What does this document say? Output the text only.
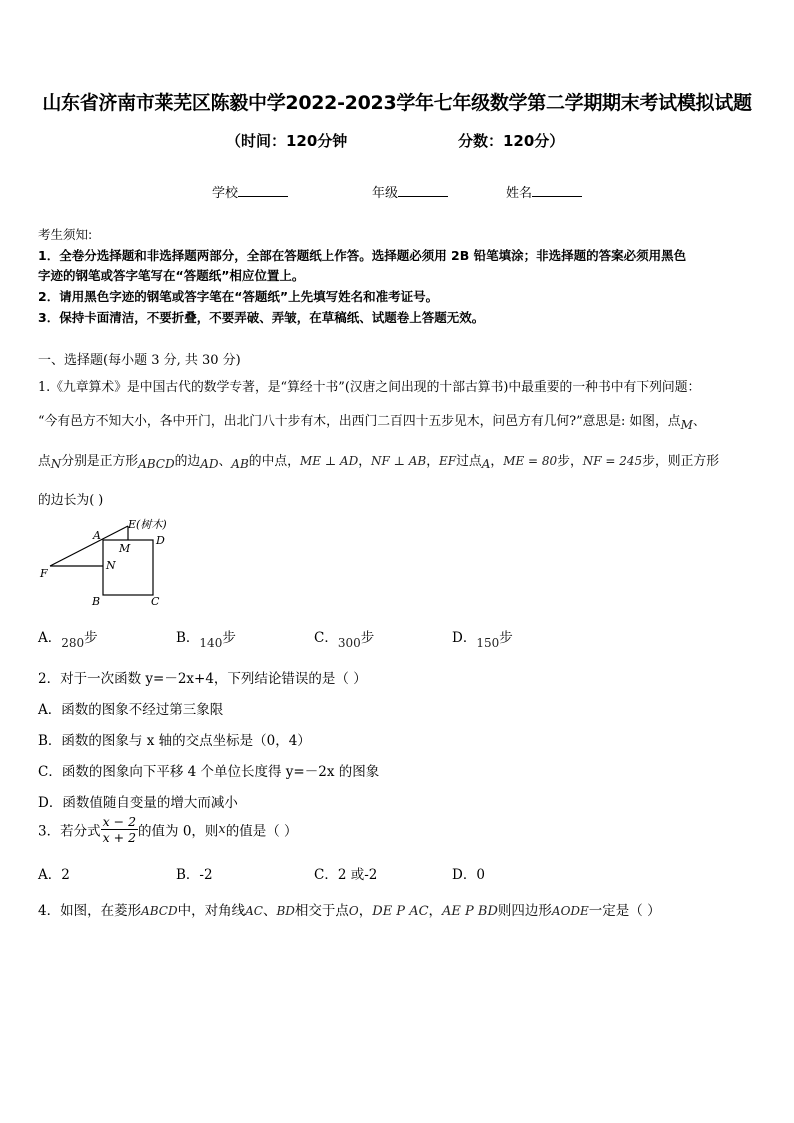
山东省济南市莱芜区陈毅中学2022-2023学年七年级数学第二学期期末考试模拟试题
（时间：120分钟	分数：120分）
学校	年级	姓名
考生须知:
1．全卷分选择题和非选择题两部分，全部在答题纸上作答。选择题必须用 2B 铅笔填涂；非选择题的答案必须用黑色
字迹的钢笔或答字笔写在“答题纸”相应位置上。
2．请用黑色字迹的钢笔或答字笔在“答题纸”上先填写姓名和准考证号。
3．保持卡面清洁，不要折叠，不要弄破、弄皱，在草稿纸、试题卷上答题无效。
一、选择题(每小题 3 分, 共 30 分)
1.《九章算术》是中国古代的数学专著，是“算经十书”(汉唐之间出现的十部古算书)中最重要的一种书中有下列问题：
“今有邑方不知大小，各中开门，出北门八十步有木，出西门二百四十五步见木，问邑方有几何?”意思是: 如图，点M、
点N分别是正方形ABCD的边AD、AB的中点，ME ⊥ AD，NF ⊥ AB，EF过点A，ME = 80步，NF = 245步，则正方形
的边长为( )
A
E(树木)
M
D
F
N
B	C
A．280步	B．140步	C．300步	D．150步
2．对于一次函数 y=－2x+4，下列结论错误的是（ ）
A．函数的图象不经过第三象限
B．函数的图象与 x 轴的交点坐标是（0，4）
C．函数的图象向下平移 4 个单位长度得 y=－2x 的图象
D．函数值随自变量的增大而减小
3．若分式 $\frac{x - 2}{x + 2}$ 的值为 0，则x的值是（ ）
A．2	B．-2	C．2 或-2	D．0
4．如图，在菱形ABCD中，对角线AC、BD相交于点O，DE P AC，AE P BD则四边形AODE一定是（ ）
